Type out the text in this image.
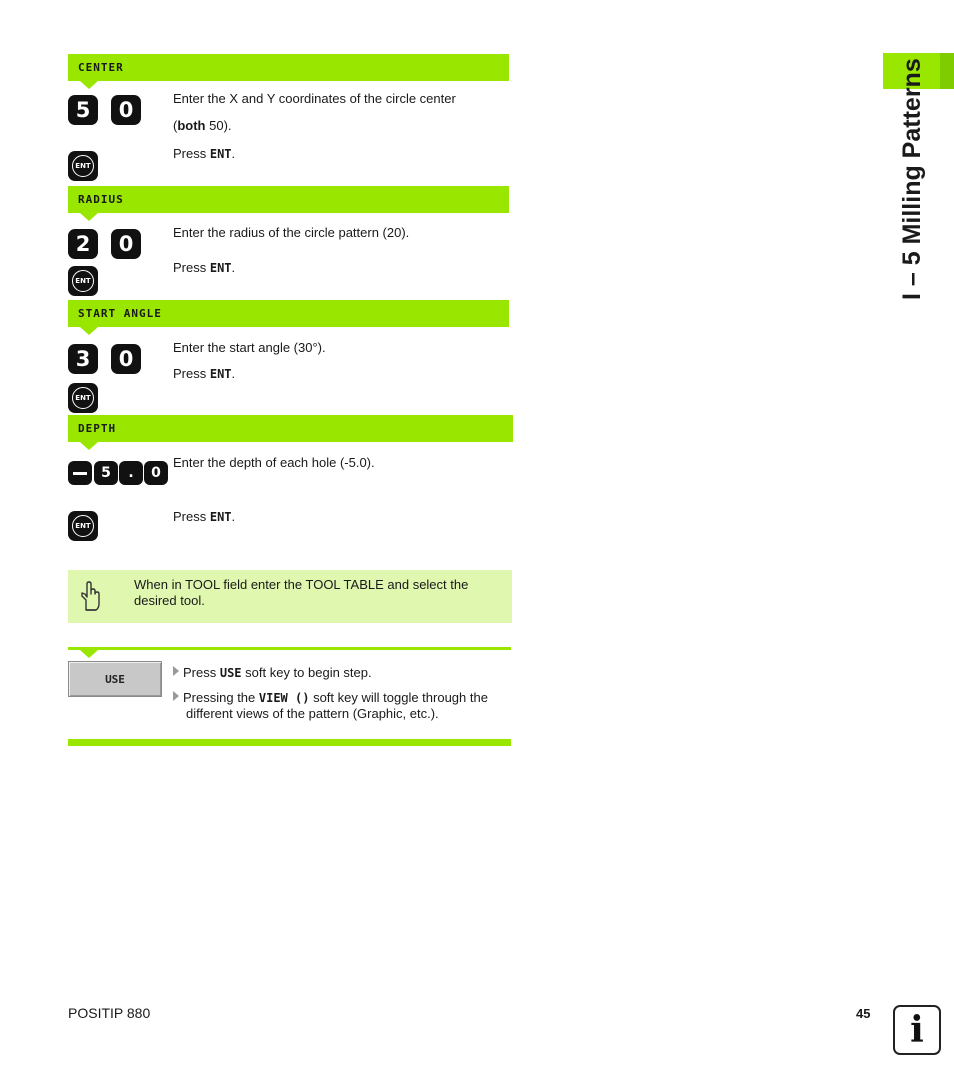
I – 5 Milling Patterns
CENTER
5	0	Enter the X and Y coordinates of the circle center
(both 50).
ENT
Press ENT.
RADIUS
2	0	Enter the radius of the circle pattern (20).
ENT
Press ENT.
START ANGLE
3	0	Enter the start angle (30°).
ENT
Press ENT.
DEPTH
5	.	0
Enter the depth of each hole (-5.0).
ENT
Press ENT.
When in TOOL field enter the TOOL TABLE and select the desired tool.
USE	Press USE soft key to begin step.
Pressing the VIEW () soft key will toggle through the different views of the pattern (Graphic, etc.).
POSITIP 880	45 i
